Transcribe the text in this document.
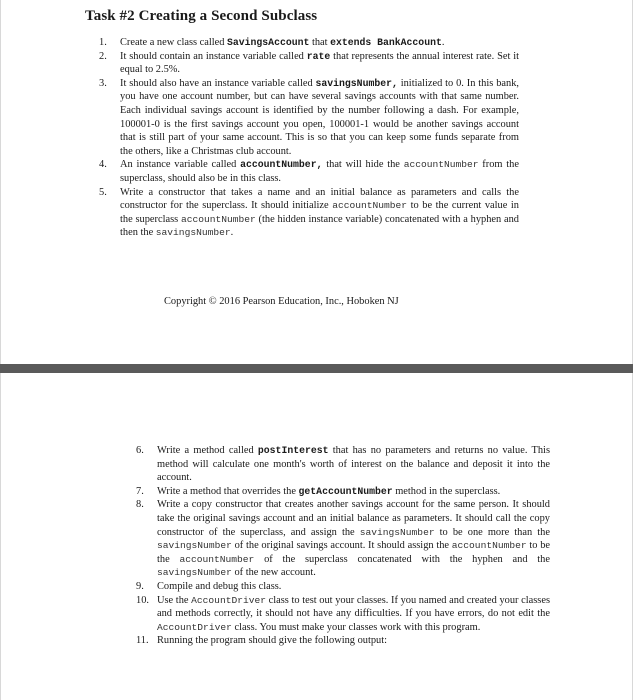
Task #2 Creating a Second Subclass
1. Create a new class called SavingsAccount that extends BankAccount.
2. It should contain an instance variable called rate that represents the annual interest rate. Set it equal to 2.5%.
3. It should also have an instance variable called savingsNumber, initialized to 0. In this bank, you have one account number, but can have several savings accounts with that same number. Each individual savings account is identified by the number following a dash. For example, 100001-0 is the first savings account you open, 100001-1 would be another savings account that is still part of your same account. This is so that you can keep some funds separate from the others, like a Christmas club account.
4. An instance variable called accountNumber, that will hide the accountNumber from the superclass, should also be in this class.
5. Write a constructor that takes a name and an initial balance as parameters and calls the constructor for the superclass. It should initialize accountNumber to be the current value in the superclass accountNumber (the hidden instance variable) concatenated with a hyphen and then the savingsNumber.
Copyright © 2016 Pearson Education, Inc., Hoboken NJ
6. Write a method called postInterest that has no parameters and returns no value. This method will calculate one month's worth of interest on the balance and deposit it into the account.
7. Write a method that overrides the getAccountNumber method in the superclass.
8. Write a copy constructor that creates another savings account for the same person. It should take the original savings account and an initial balance as parameters. It should call the copy constructor of the superclass, and assign the savingsNumber to be one more than the savingsNumber of the original savings account. It should assign the accountNumber to be the accountNumber of the superclass concatenated with the hyphen and the savingsNumber of the new account.
9. Compile and debug this class.
10. Use the AccountDriver class to test out your classes. If you named and created your classes and methods correctly, it should not have any difficulties. If you have errors, do not edit the AccountDriver class. You must make your classes work with this program.
11. Running the program should give the following output:
